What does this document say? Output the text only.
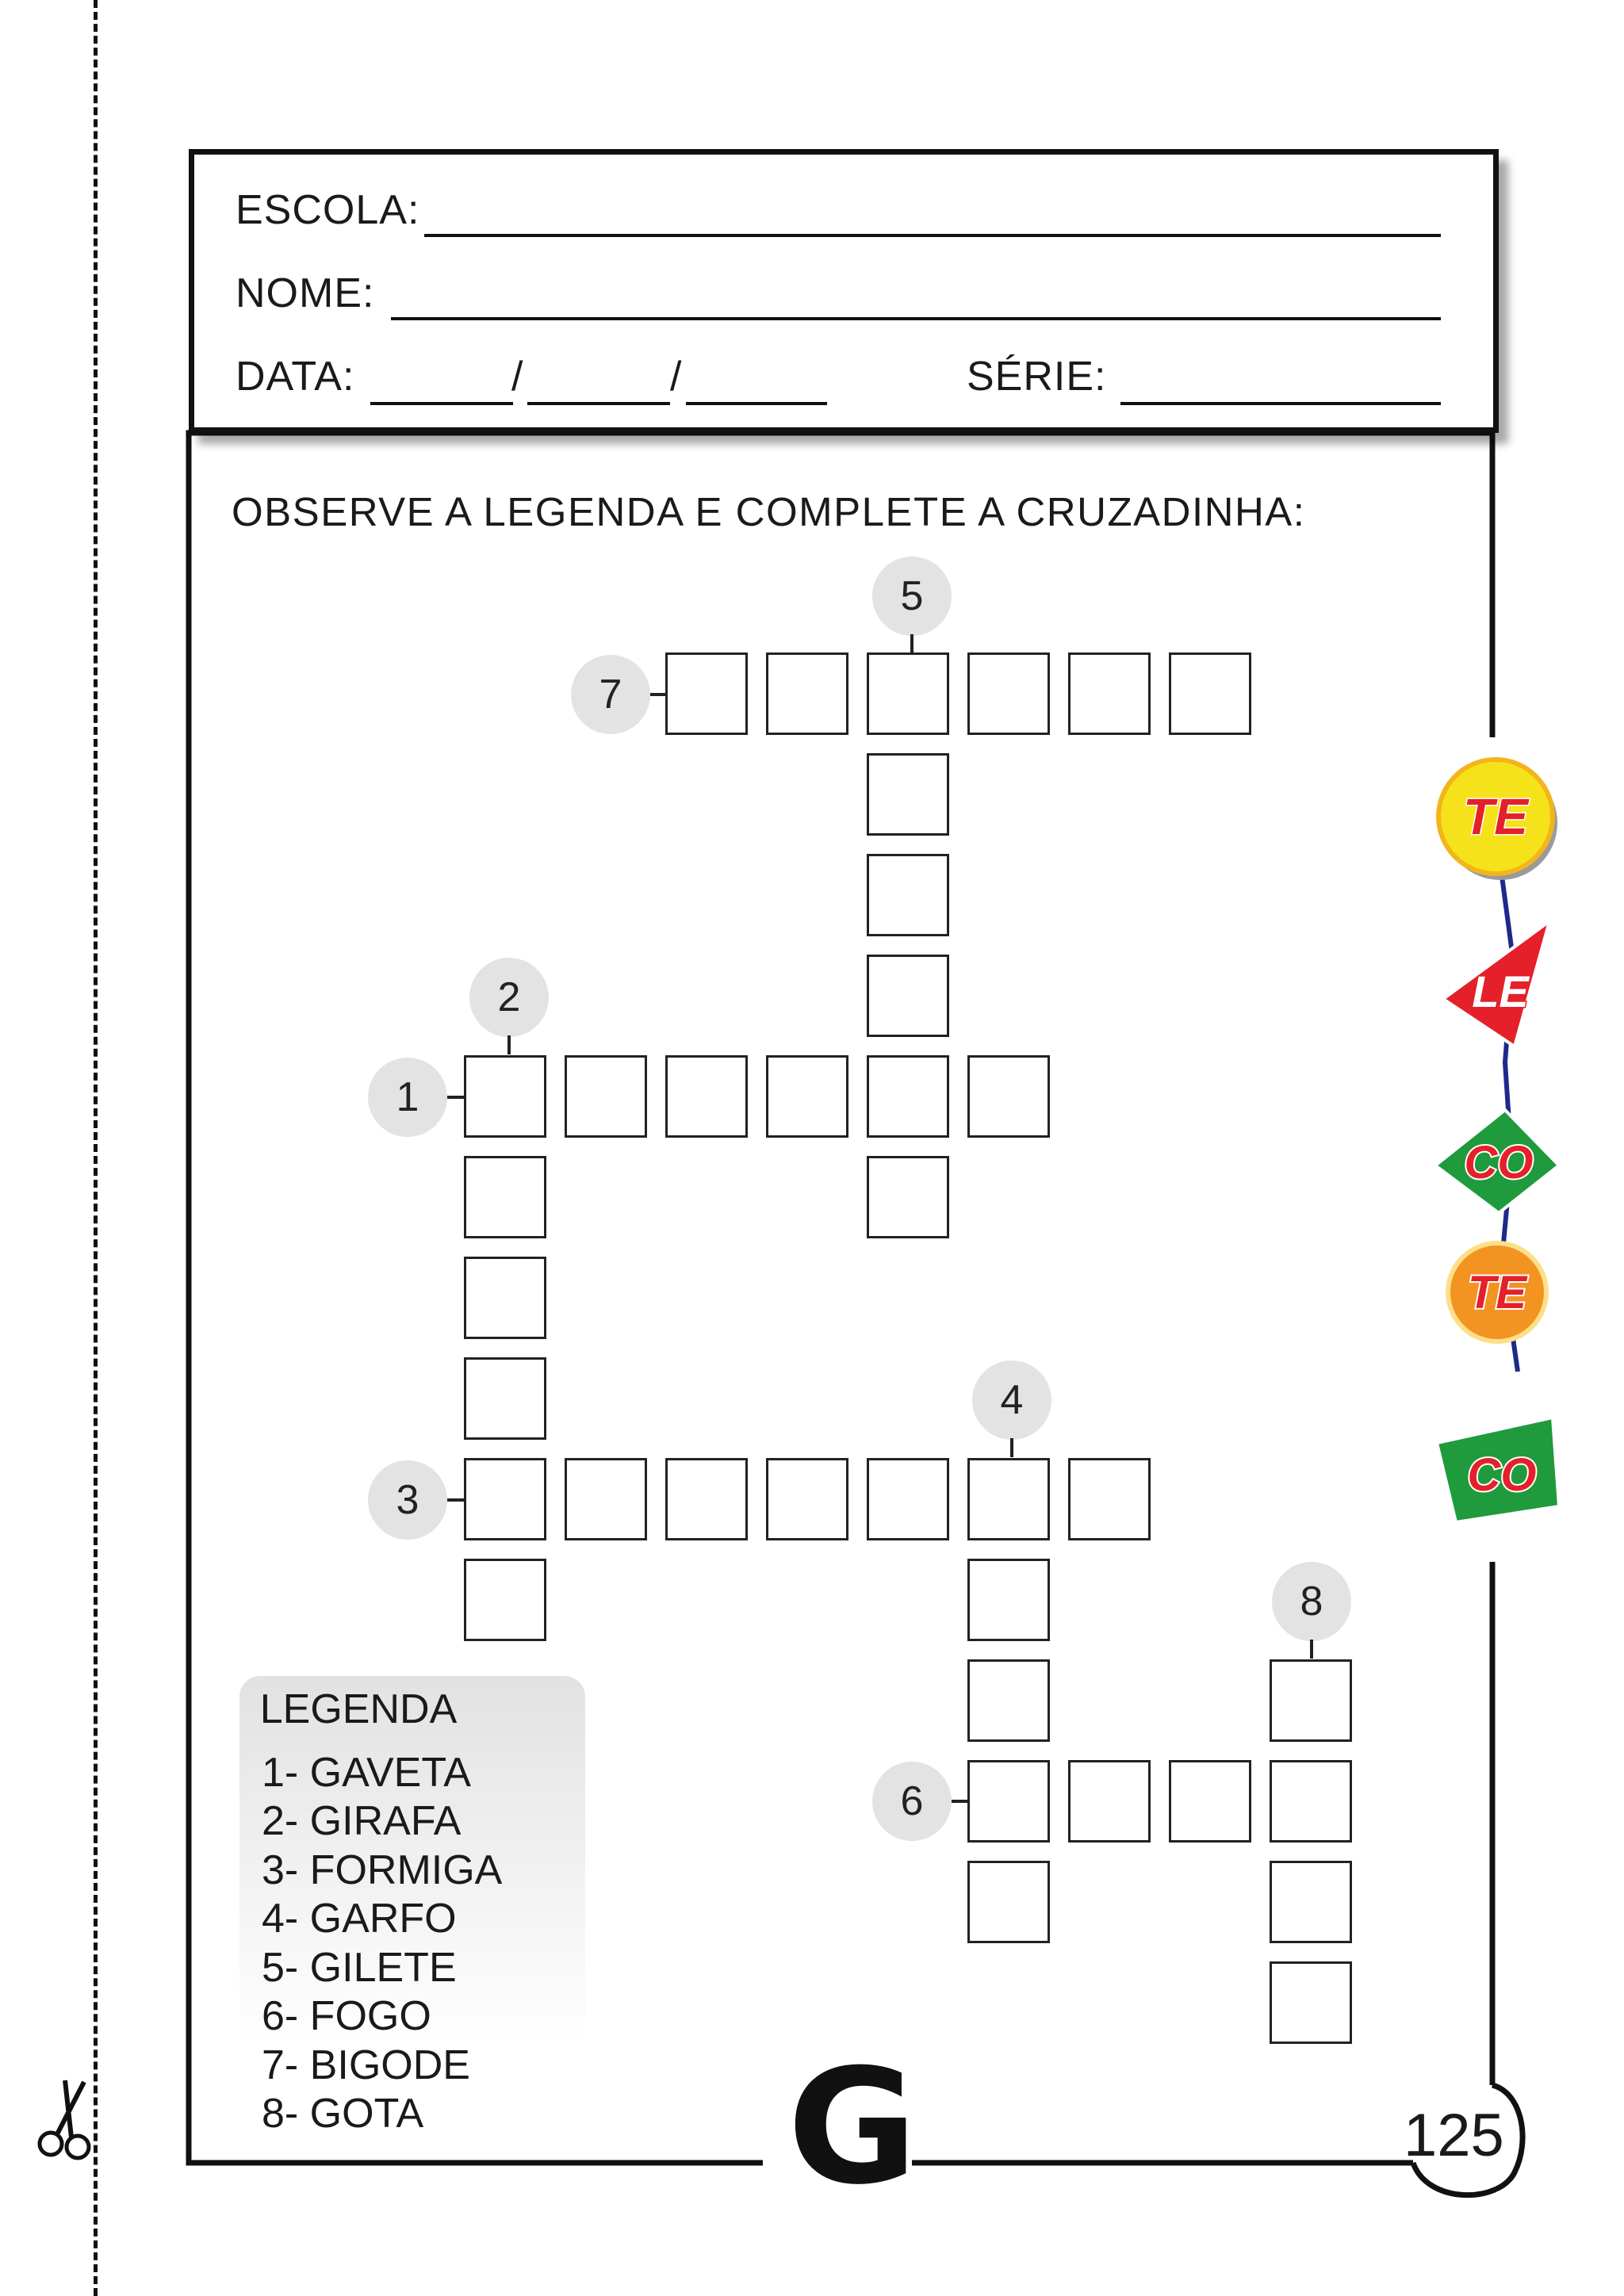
ESCOLA:
NOME:
DATA:	/	/	SÉRIE:
OBSERVE A LEGENDA E COMPLETE A CRUZADINHA:
5
7
2
1
4
3
8
6
LEGENDA
1- GAVETA
2- GIRAFA
3- FORMIGA
4- GARFO
5- GILETE
6- FOGO
7- BIGODE
8- GOTA
TE
LE
CO
TE
CO
G	125
